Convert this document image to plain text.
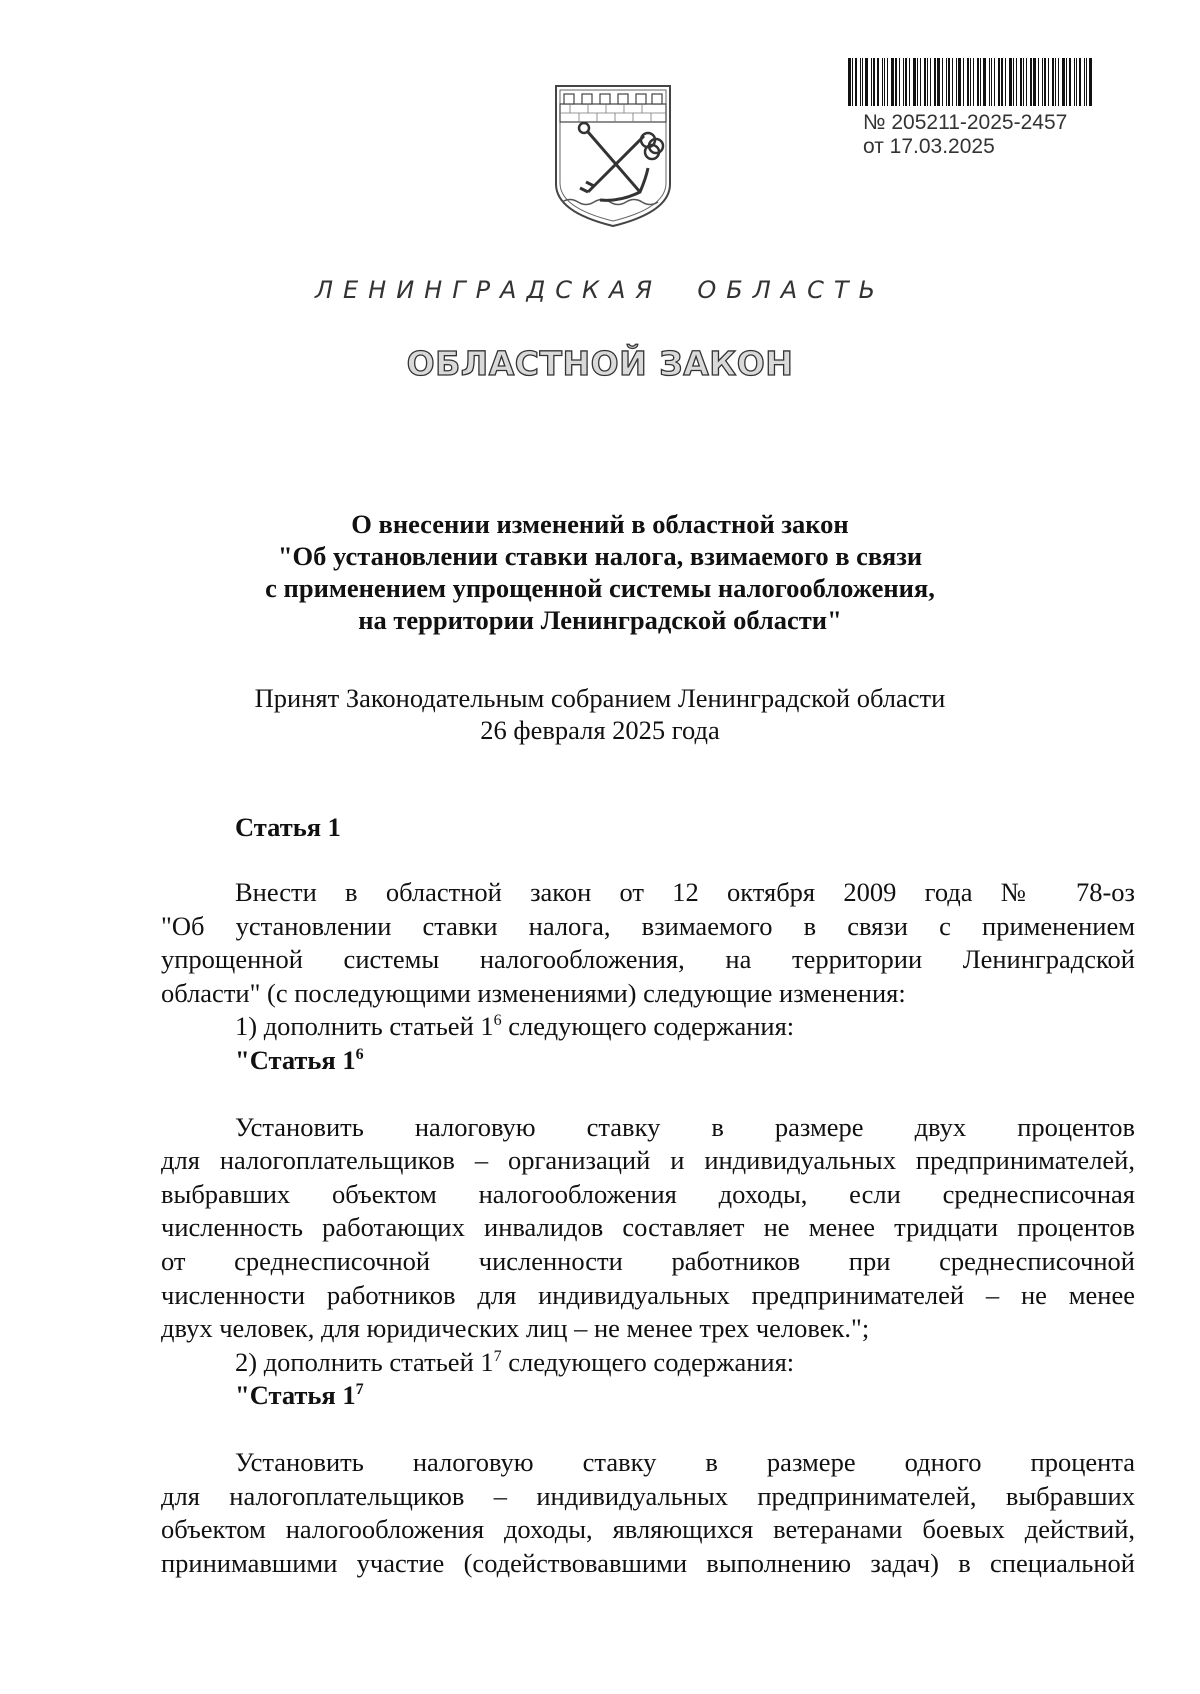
№ 205211-2025-2457
от 17.03.2025
ЛЕНИНГРАДСКАЯ  ОБЛАСТЬ
ОБЛАСТНОЙ ЗАКОН
О внесении изменений в областной закон
"Об установлении ставки налога, взимаемого в связи
с применением упрощенной системы налогообложения,
на территории Ленинградской области"
Принят Законодательным собранием Ленинградской области
26 февраля 2025 года
Статья 1
Внести в областной закон от 12 октября 2009 года № 78-оз
"Об установлении ставки налога, взимаемого в связи с применением
упрощенной системы налогообложения, на территории Ленинградской
области" (с последующими изменениями) следующие изменения:
1) дополнить статьей $1^6$ следующего содержания:
"Статья $1^6$
Установить налоговую ставку в размере двух процентов
для налогоплательщиков – организаций и индивидуальных предпринимателей,
выбравших объектом налогообложения доходы, если среднесписочная
численность работающих инвалидов составляет не менее тридцати процентов
от среднесписочной численности работников при среднесписочной
численности работников для индивидуальных предпринимателей – не менее
двух человек, для юридических лиц – не менее трех человек.";
2) дополнить статьей $1^7$ следующего содержания:
"Статья $1^7$
Установить налоговую ставку в размере одного процента
для налогоплательщиков – индивидуальных предпринимателей, выбравших
объектом налогообложения доходы, являющихся ветеранами боевых действий,
принимавшими участие (содействовавшими выполнению задач) в специальной
